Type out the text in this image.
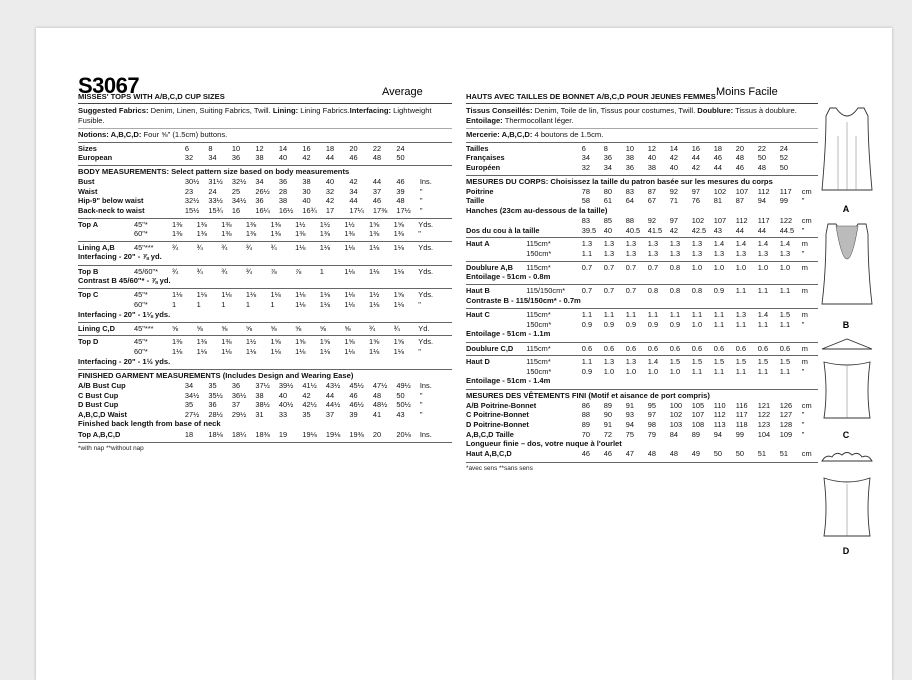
S3067	Average	Moins Facile
MISSES' TOPS WITH A/B,C,D CUP SIZES
Suggested Fabrics: Denim, Linen, Suiting Fabrics, Twill. Lining: Lining Fabrics.Interfacing: Lightweight Fusible.
Notions: A,B,C,D: Four ⅝" (1.5cm) buttons.
Sizes	6	8	10	12	14	16	18	20	22	24	
European	32	34	36	38	40	42	44	46	48	50	
BODY MEASUREMENTS: Select pattern size based on body measurements
Bust	30½	31½	32½	34	36	38	40	42	44	46	Ins.
Waist	23	24	25	26½	28	30	32	34	37	39	"
Hip-9" below waist	32½	33½	34½	36	38	40	42	44	46	48	"
Back-neck to waist	15½	15¾	16	16¼	16½	16¾	17	17¼	17⅜	17½	"
Top A	45"*	1⅜	1⅜	1⅜	1⅜	1⅜	1½	1½	1½	1⅝	1⅝	Yds.
	60"*	1⅜	1⅜	1⅜	1⅜	1⅜	1⅜	1⅜	1⅜	1⅜	1⅜	"
Lining A,B	45"***	¾	¾	¾	¾	¾	1⅛	1⅛	1⅛	1⅛	1⅛	Yds.
Interfacing - 20" - ⅞ yd.
Top B	45/60"*	¾	¾	¾	¾	⅞	⅞	1	1⅛	1⅛	1⅛	Yds.
Contrast B 45/60"* - ⅞ yd.
Top C	45"*	1⅛	1⅛	1⅛	1⅛	1⅛	1⅛	1⅛	1⅛	1½	1⅝	Yds.
	60"*	1	1	1	1	1	1⅛	1⅛	1⅛	1⅛	1⅛	"
Interfacing - 20" - 1⅛ yds.
Lining C,D	45"***	⅝	⅝	⅝	⅝	⅝	⅝	⅝	⅝	¾	¾	Yd.
Top D	45"*	1⅜	1⅜	1⅜	1½	1⅝	1⅝	1⅝	1⅝	1⅝	1⅝	Yds.
	60"*	1⅛	1⅛	1⅛	1⅛	1⅛	1⅛	1⅛	1⅛	1⅛	1⅛	"
Interfacing - 20" - 1½ yds.
FINISHED GARMENT MEASUREMENTS (Includes Design and Wearing Ease)
A/B Bust Cup	34	35	36	37½	39½	41½	43½	45½	47½	49½	Ins.
C Bust Cup	34½	35½	36½	38	40	42	44	46	48	50	"
D Bust Cup	35	36	37	38½	40½	42½	44½	46½	48½	50½	"
A,B,C,D Waist	27½	28½	29½	31	33	35	37	39	41	43	"
Finished back length from base of neck
Top A,B,C,D	18	18⅛	18¼	18⅜	19	19⅛	19⅛	19⅜	20	20⅛	Ins.
*with nap **without nap
HAUTS AVEC TAILLES DE BONNET A/B,C,D POUR JEUNES FEMMES
Tissus Conseillés: Denim, Toile de lin, Tissus pour costumes, Twill. Doublure: Tissus à doublure. Entoilage: Thermocollant léger.
Mercerie: A,B,C,D: 4 boutons de 1.5cm.
Tailles	6	8	10	12	14	16	18	20	22	24	
Françaises	34	36	38	40	42	44	46	48	50	52	
Européen	32	34	36	38	40	42	44	46	48	50	
MESURES DU CORPS: Choisissez la taille du patron basée sur les mesures du corps
Poitrine	78	80	83	87	92	97	102	107	112	117	cm
Taille	58	61	64	67	71	76	81	87	94	99	"
Hanches (23cm au-dessous de la taille)
	83	85	88	92	97	102	107	112	117	122	cm
Dos du cou à la taille	39.5	40	40.5	41.5	42	42.5	43	44	44	44.5	"
Haut A	115cm*	1.3	1.3	1.3	1.3	1.3	1.3	1.4	1.4	1.4	1.4	m
	150cm*	1.1	1.3	1.3	1.3	1.3	1.3	1.3	1.3	1.3	1.3	"
Doublure A,B	115cm*	0.7	0.7	0.7	0.7	0.8	1.0	1.0	1.0	1.0	1.0	m
Entoilage - 51cm - 0.8m
Haut B	115/150cm*	0.7	0.7	0.7	0.8	0.8	0.8	0.9	1.1	1.1	1.1	m
Contraste B - 115/150cm* - 0.7m
Haut C	115cm*	1.1	1.1	1.1	1.1	1.1	1.1	1.1	1.3	1.4	1.5	m
	150cm*	0.9	0.9	0.9	0.9	0.9	1.0	1.1	1.1	1.1	1.1	"
Entoilage - 51cm - 1.1m
Doublure C,D	115cm*	0.6	0.6	0.6	0.6	0.6	0.6	0.6	0.6	0.6	0.6	m
Haut D	115cm*	1.1	1.3	1.3	1.4	1.5	1.5	1.5	1.5	1.5	1.5	m
	150cm*	0.9	1.0	1.0	1.0	1.0	1.1	1.1	1.1	1.1	1.1	"
Entoilage - 51cm - 1.4m
MESURES DES VÊTEMENTS FINI (Motif et aisance de port compris)
A/B Poitrine-Bonnet	86	89	91	95	100	105	110	116	121	126	cm
C Poitrine-Bonnet	88	90	93	97	102	107	112	117	122	127	"
D Poitrine-Bonnet	89	91	94	98	103	108	113	118	123	128	"
A,B,C,D Taille	70	72	75	79	84	89	94	99	104	109	"
Longueur finie – dos, votre nuque à l'ourlet
Haut A,B,C,D	46	46	47	48	48	49	50	50	51	51	cm
*avec sens **sans sens
A
B
C
D
